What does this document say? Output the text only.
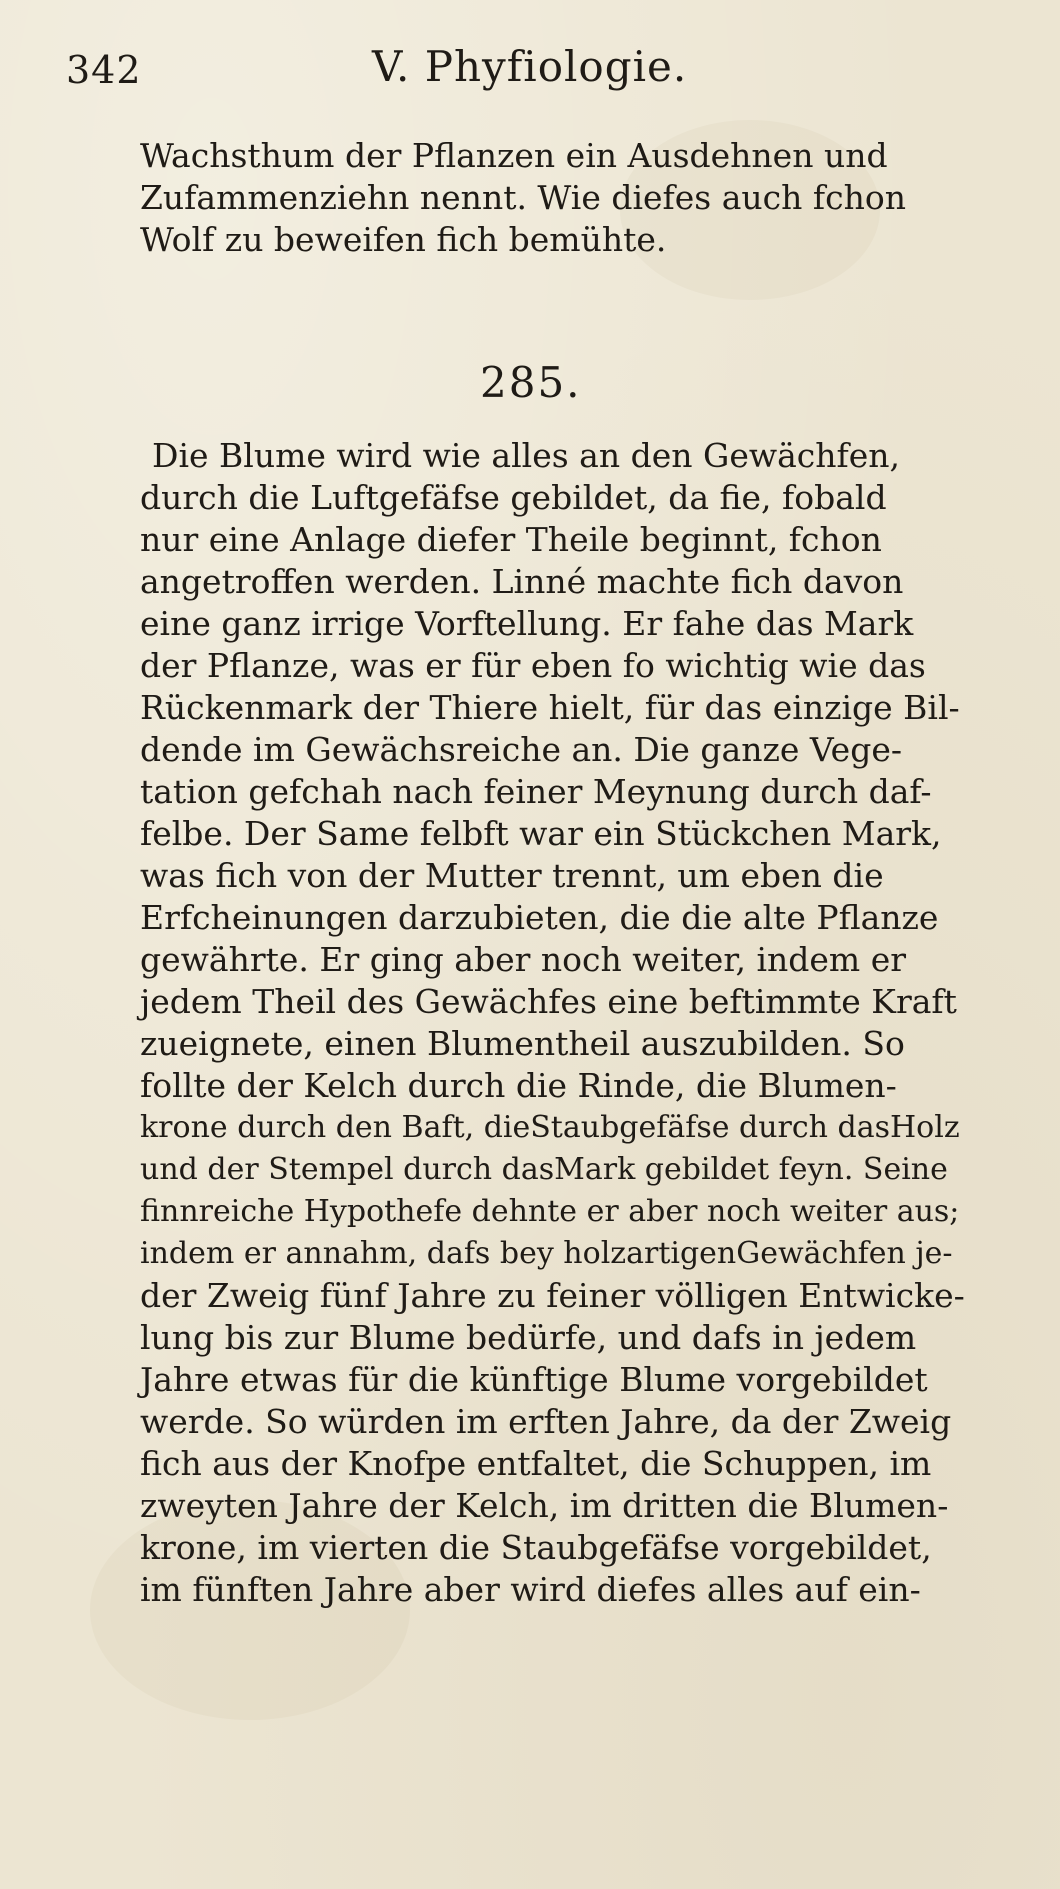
342	V. Phyfiologie.
Wachsthum der Pflanzen ein Ausdehnen und
Zufammenziehn nennt. Wie diefes auch fchon
Wolf zu beweifen fich bemühte.
285.
Die Blume wird wie alles an den Gewächfen,
durch die Luftgefäfse gebildet, da fie, fobald
nur eine Anlage diefer Theile beginnt, fchon
angetroffen werden. Linné machte fich davon
eine ganz irrige Vorftellung. Er fahe das Mark
der Pflanze, was er für eben fo wichtig wie das
Rückenmark der Thiere hielt, für das einzige Bil-
dende im Gewächsreiche an. Die ganze Vege-
tation gefchah nach feiner Meynung durch daf-
felbe. Der Same felbft war ein Stückchen Mark,
was fich von der Mutter trennt, um eben die
Erfcheinungen darzubieten, die die alte Pflanze
gewährte. Er ging aber noch weiter, indem er
jedem Theil des Gewächfes eine beftimmte Kraft
zueignete, einen Blumentheil auszubilden. So
follte der Kelch durch die Rinde, die Blumen-
krone durch den Baft, dieStaubgefäfse durch dasHolz
und der Stempel durch dasMark gebildet feyn. Seine
finnreiche Hypothefe dehnte er aber noch weiter aus;
indem er annahm, dafs bey holzartigenGewächfen je-
der Zweig fünf Jahre zu feiner völligen Entwicke-
lung bis zur Blume bedürfe, und dafs in jedem
Jahre etwas für die künftige Blume vorgebildet
werde. So würden im erften Jahre, da der Zweig
fich aus der Knofpe entfaltet, die Schuppen, im
zweyten Jahre der Kelch, im dritten die Blumen-
krone, im vierten die Staubgefäfse vorgebildet,
im fünften Jahre aber wird diefes alles auf ein-
